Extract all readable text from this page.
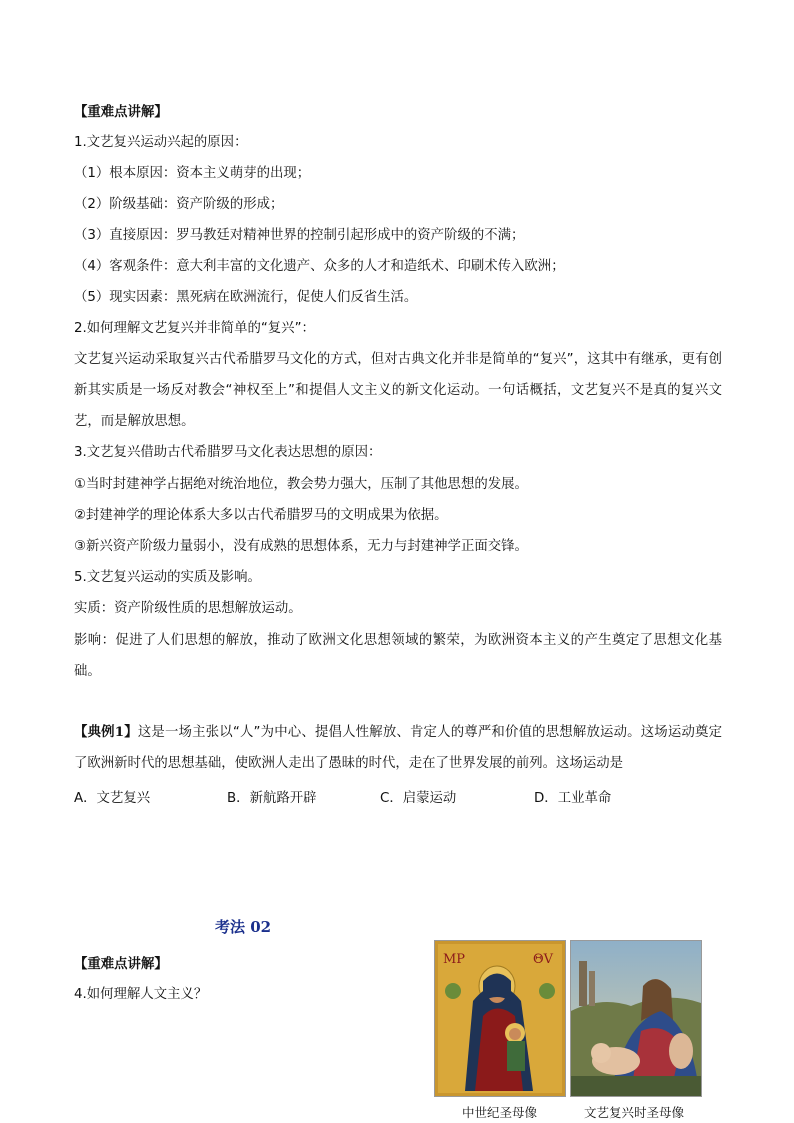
【重难点讲解】
1.文艺复兴运动兴起的原因：
（1）根本原因：资本主义萌芽的出现；
（2）阶级基础：资产阶级的形成；
（3）直接原因：罗马教廷对精神世界的控制引起形成中的资产阶级的不满；
（4）客观条件：意大利丰富的文化遗产、众多的人才和造纸术、印刷术传入欧洲；
（5）现实因素：黑死病在欧洲流行，促使人们反省生活。
2.如何理解文艺复兴并非简单的“复兴”：
文艺复兴运动采取复兴古代希腊罗马文化的方式，但对古典文化并非是简单的“复兴”，这其中有继承，更有创新其实质是一场反对教会“神权至上”和提倡人文主义的新文化运动。一句话概括，文艺复兴不是真的复兴文艺，而是解放思想。
3.文艺复兴借助古代希腊罗马文化表达思想的原因：
①当时封建神学占据绝对统治地位，教会势力强大，压制了其他思想的发展。
②封建神学的理论体系大多以古代希腊罗马的文明成果为依据。
③新兴资产阶级力量弱小，没有成熟的思想体系，无力与封建神学正面交锋。
5.文艺复兴运动的实质及影响。
实质：资产阶级性质的思想解放运动。
影响：促进了人们思想的解放，推动了欧洲文化思想领域的繁荣，为欧洲资本主义的产生奠定了思想文化基础。
【典例1】这是一场主张以“人”为中心、提倡人性解放、肯定人的尊严和价值的思想解放运动。这场运动奠定了欧洲新时代的思想基础，使欧洲人走出了愚昧的时代，走在了世界发展的前列。这场运动是
A．文艺复兴	B．新航路开辟	C．启蒙运动	D．工业革命
考法 02
【重难点讲解】
4.如何理解人文主义？
MP	ΘV
中世纪圣母像	文艺复兴时圣母像
